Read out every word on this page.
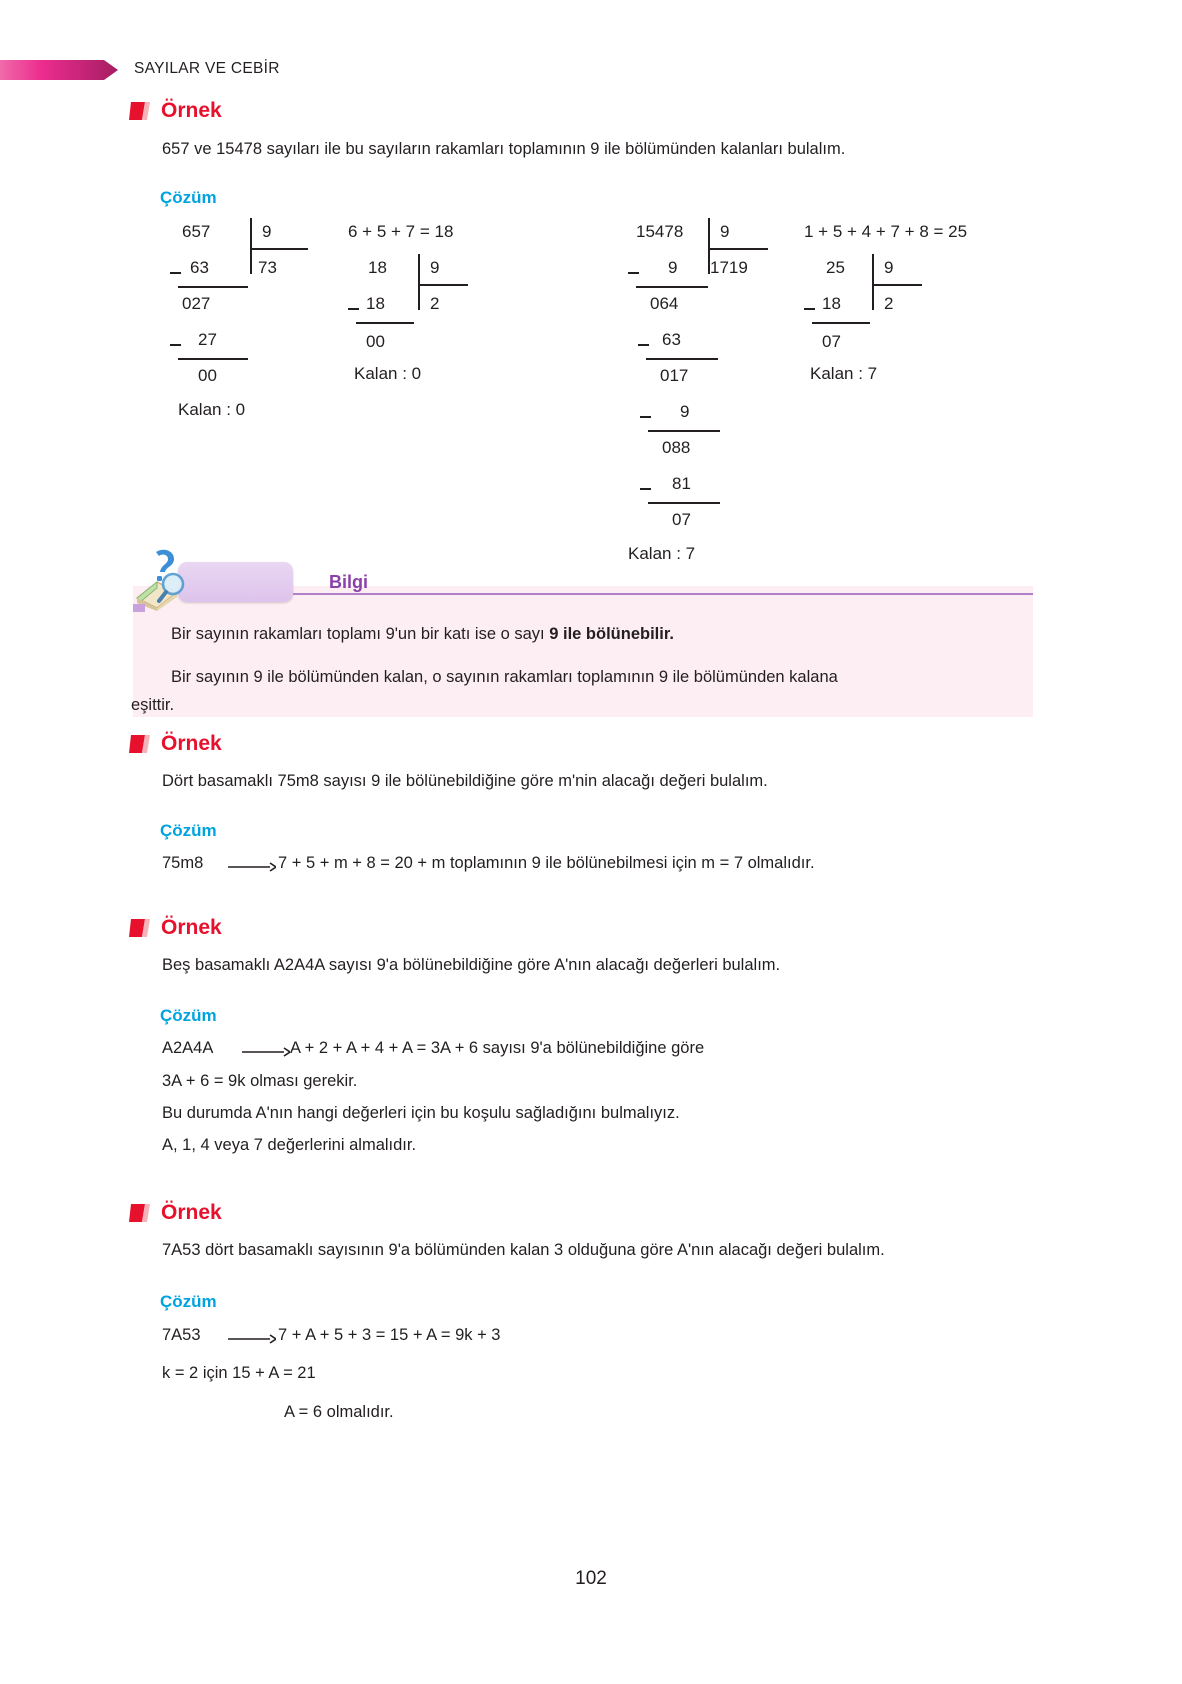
SAYILAR VE CEBİR
Örnek
657 ve 15478 sayıları ile bu sayıların rakamları toplamının 9 ile bölümünden kalanları bulalım.
Çözüm
657	9
73
63
027
27
00
Kalan : 0
6 + 5 + 7 = 18
18	9
2
18
00
Kalan : 0
15478 9
1719
9
064
63
017
9
088
81
07
Kalan : 7
1 + 5 + 4 + 7 + 8 = 25
25 9
2
18
07
Kalan : 7
Bilgi
Bir sayının rakamları toplamı 9'un bir katı ise o sayı 9 ile bölünebilir.
Bir sayının 9 ile bölümünden kalan, o sayının rakamları toplamının 9 ile bölümünden kalana
eşittir.
Örnek
Dört basamaklı 75m8 sayısı 9 ile bölünebildiğine göre m'nin alacağı değeri bulalım.
Çözüm
75m8	7 + 5 + m + 8 = 20 + m toplamının 9 ile bölünebilmesi için m = 7 olmalıdır.
Örnek
Beş basamaklı A2A4A sayısı 9'a bölünebildiğine göre A'nın alacağı değerleri bulalım.
Çözüm
A2A4A	A + 2 + A + 4 + A = 3A + 6 sayısı 9'a bölünebildiğine göre
3A + 6 = 9k olması gerekir.
Bu durumda A'nın hangi değerleri için bu koşulu sağladığını bulmalıyız.
A, 1, 4 veya 7 değerlerini almalıdır.
Örnek
7A53 dört basamaklı sayısının 9'a bölümünden kalan 3 olduğuna göre A'nın alacağı değeri bulalım.
Çözüm
7A53	7 + A + 5 + 3 = 15 + A = 9k + 3
k = 2 için 15 + A = 21
A = 6 olmalıdır.
102
